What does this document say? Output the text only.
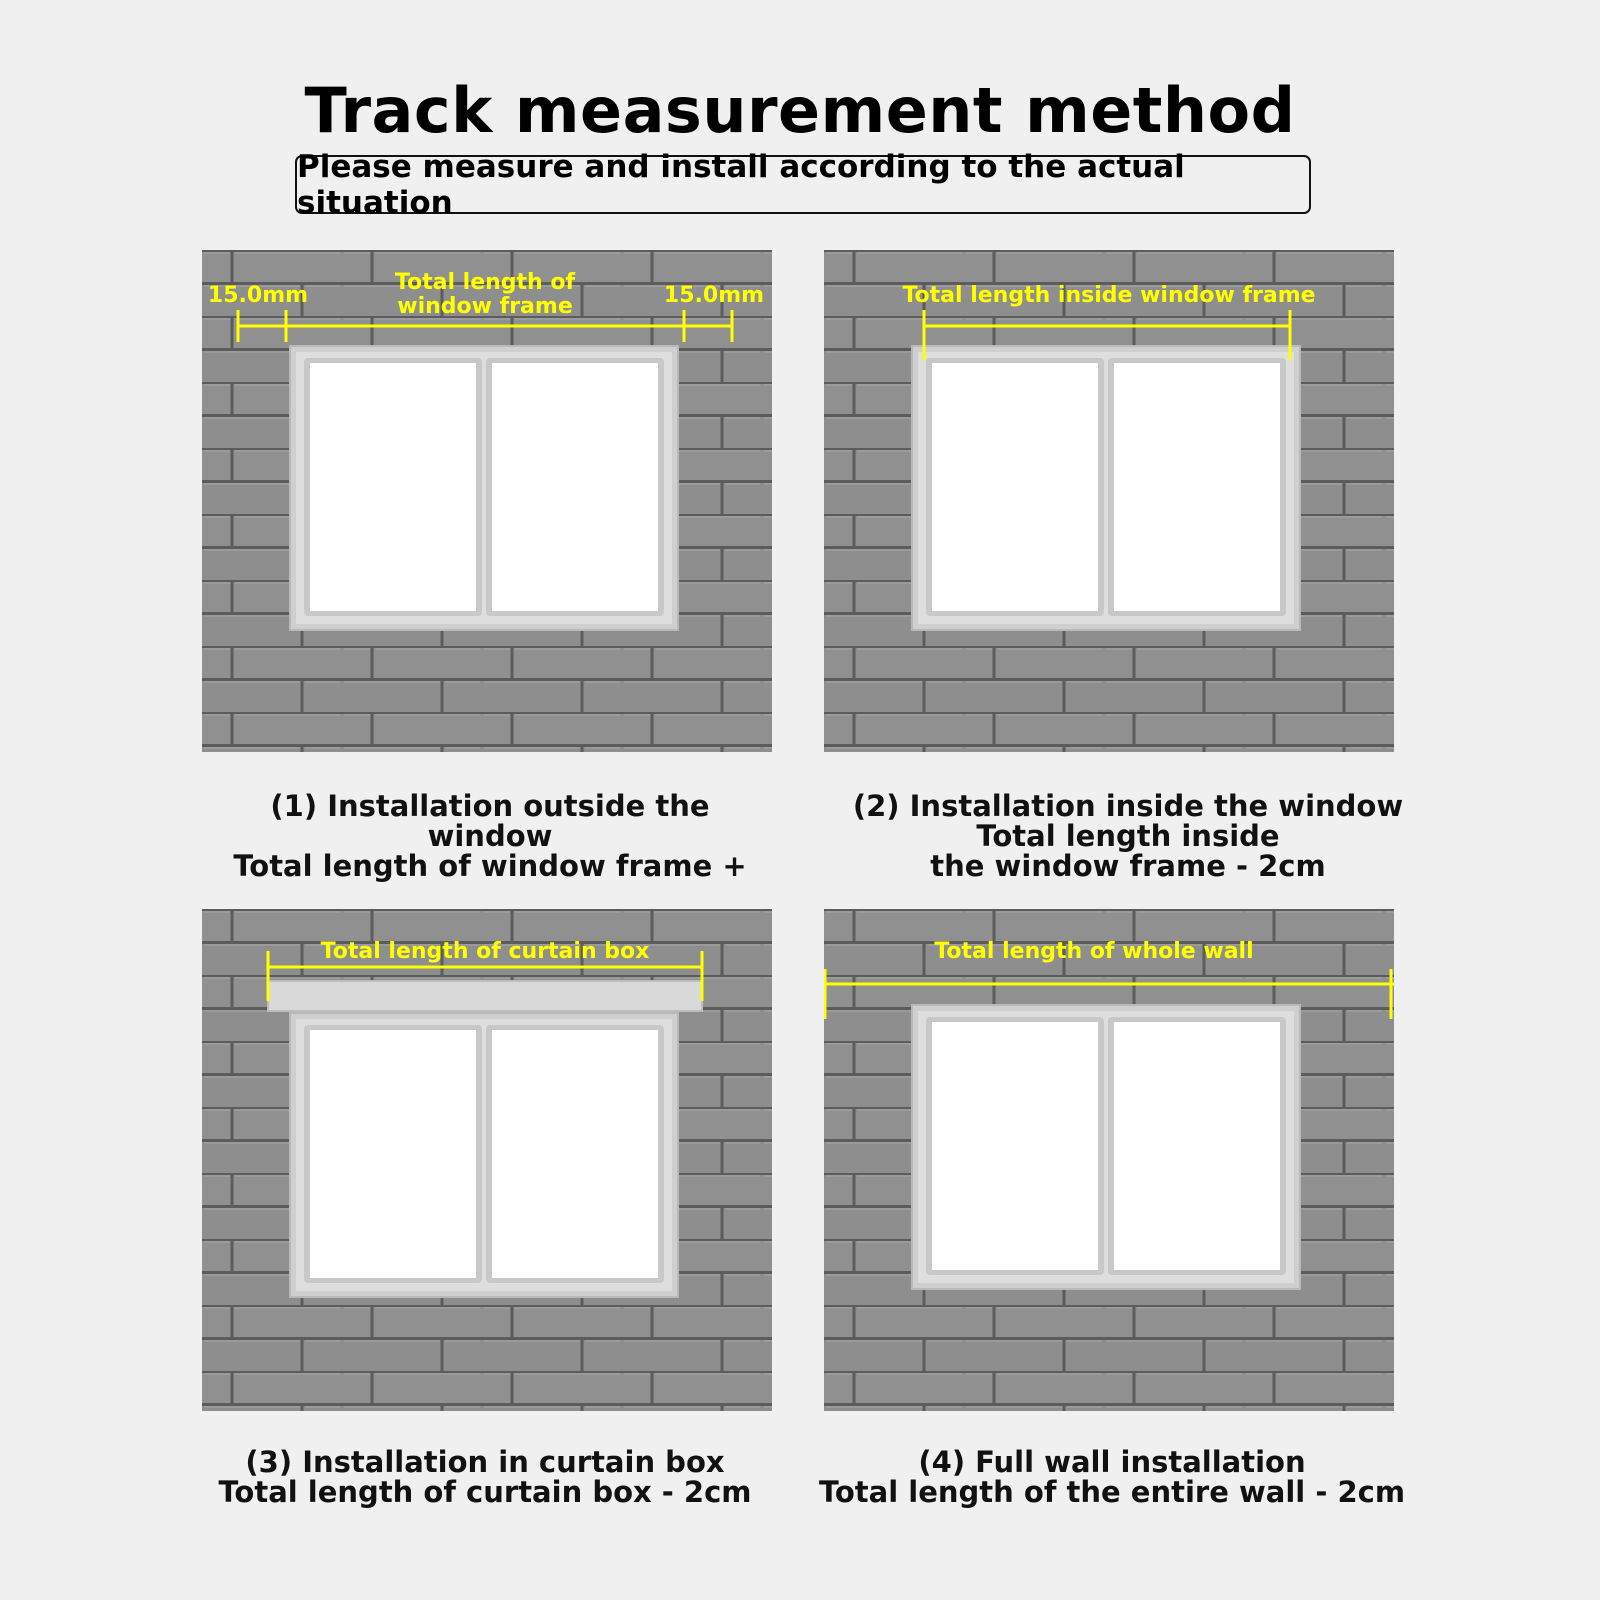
Track measurement method
Please measure and install according to the actual situation
15.0mm
Total length of
window frame	15.0mm	Total length inside window frame
Total length of curtain box	Total length of whole wall
(1) Installation outside the
window
Total length of window frame +
(2) Installation inside the window
Total length inside
the window frame - 2cm
(3) Installation in curtain box
Total length of curtain box - 2cm
(4) Full wall installation
Total length of the entire wall - 2cm
